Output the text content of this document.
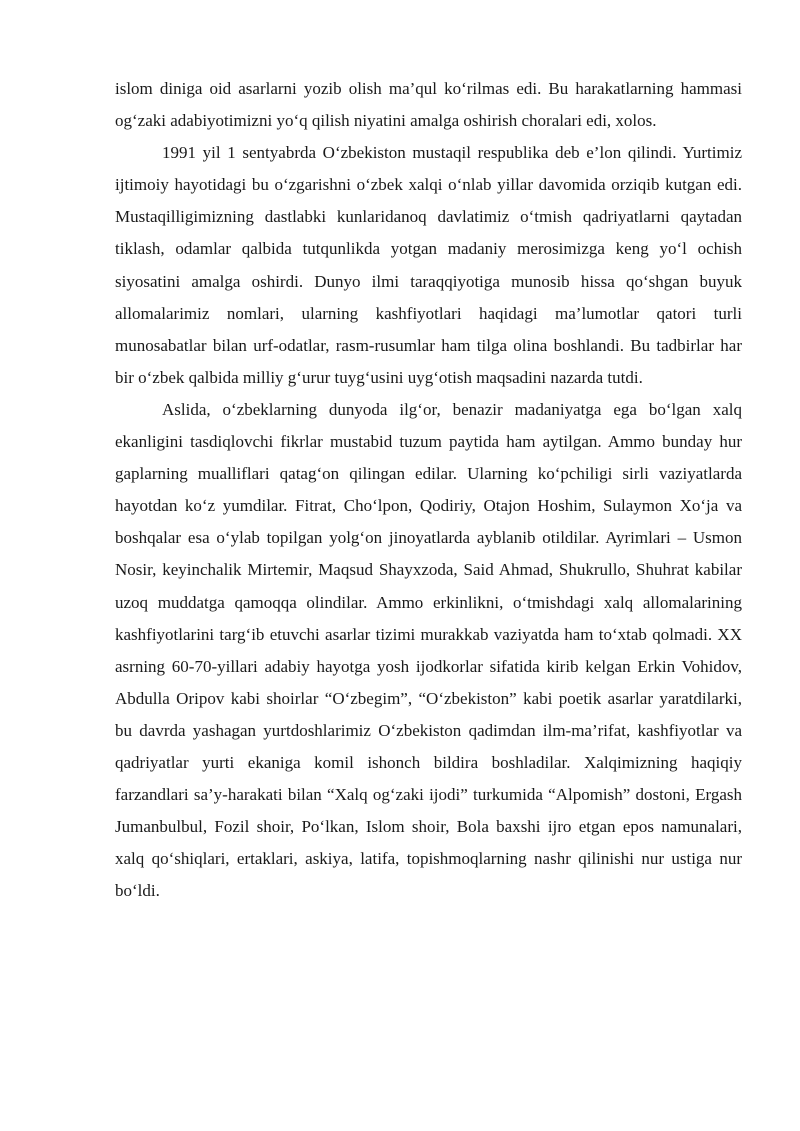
islom diniga oid asarlarni yozib olish ma’qul ko‘rilmas edi. Bu harakatlarning hammasi og‘zaki adabiyotimizni yo‘q qilish niyatini amalga oshirish choralari edi, xolos.

1991 yil 1 sentyabrda O‘zbekiston mustaqil respublika deb e’lon qilindi. Yurtimiz ijtimoiy hayotidagi bu o‘zgarishni o‘zbek xalqi o‘nlab yillar davomida orziqib kutgan edi. Mustaqilligimizning dastlabki kunlaridanoq davlatimiz o‘tmish qadriyatlarni qaytadan tiklash, odamlar qalbida tutqunlikda yotgan madaniy merosimizga keng yo‘l ochish siyosatini amalga oshirdi. Dunyo ilmi taraqqiyotiga munosib hissa qo‘shgan buyuk allomalarimiz nomlari, ularning kashfiyotlari haqidagi ma’lumotlar qatori turli munosabatlar bilan urf-odatlar, rasm-rusumlar ham tilga olina boshlandi. Bu tadbirlar har bir o‘zbek qalbida milliy g‘urur tuyg‘usini uyg‘otish maqsadini nazarda tutdi.

Aslida, o‘zbeklarning dunyoda ilg‘or, benazir madaniyatga ega bo‘lgan xalq ekanligini tasdiqlovchi fikrlar mustabid tuzum paytida ham aytilgan. Ammo bunday hur gaplarning mualliflari qatag‘on qilingan edilar. Ularning ko‘pchiligi sirli vaziyatlarda hayotdan ko‘z yumdilar. Fitrat, Cho‘lpon, Qodiriy, Otajon Hoshim, Sulaymon Xo‘ja va boshqalar esa o‘ylab topilgan yolg‘on jinoyatlarda ayblanib otildilar. Ayrimlari – Usmon Nosir, keyinchalik Mirtemir, Maqsud Shayxzoda, Said Ahmad, Shukrullo, Shuhrat kabilar uzoq muddatga qamoqqa olindilar. Ammo erkinlikni, o‘tmishdagi xalq allomalarining kashfiyotlarini targ‘ib etuvchi asarlar tizimi murakkab vaziyatda ham to‘xtab qolmadi. XX asrning 60-70-yillari adabiy hayotga yosh ijodkorlar sifatida kirib kelgan Erkin Vohidov, Abdulla Oripov kabi shoirlar “O‘zbegim”, “O‘zbekiston” kabi poetik asarlar yaratdilarki, bu davrda yashagan yurtdoshlarimiz O‘zbekiston qadimdan ilm-ma’rifat, kashfiyotlar va qadriyatlar yurti ekaniga komil ishonch bildira boshladilar. Xalqimizning haqiqiy farzandlari sa’y-harakati bilan “Xalq og‘zaki ijodi” turkumida “Alpomish” dostoni, Ergash Jumanbulbul, Fozil shoir, Po‘lkan, Islom shoir, Bola baxshi ijro etgan epos namunalari, xalq qo‘shiqlari, ertaklari, askiya, latifa, topishmoqlarning nashr qilinishi nur ustiga nur bo‘ldi.
